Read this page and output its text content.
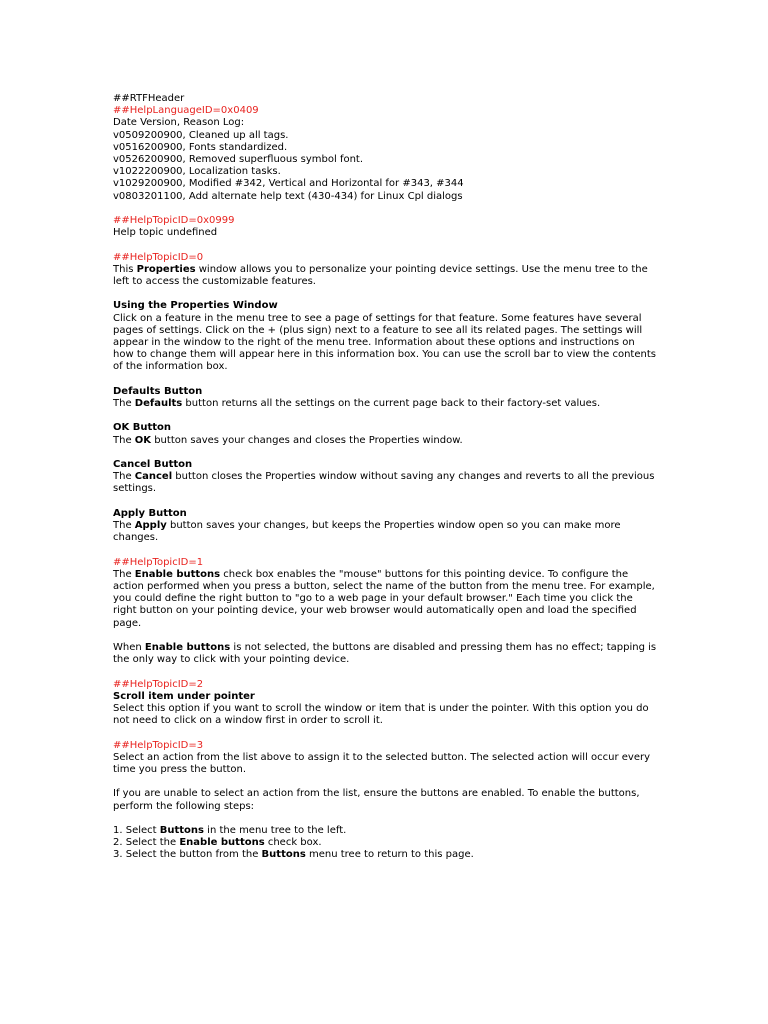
##RTFHeader
##HelpLanguageID=0x0409
Date Version, Reason Log:
v0509200900, Cleaned up all tags.
v0516200900, Fonts standardized.
v0526200900, Removed superfluous symbol font.
v1022200900, Localization tasks.
v1029200900, Modified #342, Vertical and Horizontal for #343, #344
v0803201100, Add alternate help text (430-434) for Linux Cpl dialogs
##HelpTopicID=0x0999
Help topic undefined
##HelpTopicID=0
This Properties window allows you to personalize your pointing device settings. Use the menu tree to the left to access the customizable features.
Using the Properties Window
Click on a feature in the menu tree to see a page of settings for that feature. Some features have several pages of settings. Click on the + (plus sign) next to a feature to see all its related pages. The settings will appear in the window to the right of the menu tree. Information about these options and instructions on how to change them will appear here in this information box. You can use the scroll bar to view the contents of the information box.
Defaults Button
The Defaults button returns all the settings on the current page back to their factory-set values.
OK Button
The OK button saves your changes and closes the Properties window.
Cancel Button
The Cancel button closes the Properties window without saving any changes and reverts to all the previous settings.
Apply Button
The Apply button saves your changes, but keeps the Properties window open so you can make more changes.
##HelpTopicID=1
The Enable buttons check box enables the "mouse" buttons for this pointing device. To configure the action performed when you press a button, select the name of the button from the menu tree. For example, you could define the right button to "go to a web page in your default browser." Each time you click the right button on your pointing device, your web browser would automatically open and load the specified page.
When Enable buttons is not selected, the buttons are disabled and pressing them has no effect; tapping is the only way to click with your pointing device.
##HelpTopicID=2
Scroll item under pointer
Select this option if you want to scroll the window or item that is under the pointer. With this option you do not need to click on a window first in order to scroll it.
##HelpTopicID=3
Select an action from the list above to assign it to the selected button. The selected action will occur every time you press the button.
If you are unable to select an action from the list, ensure the buttons are enabled. To enable the buttons, perform the following steps:
1. Select Buttons in the menu tree to the left.
2. Select the Enable buttons check box.
3. Select the button from the Buttons menu tree to return to this page.
